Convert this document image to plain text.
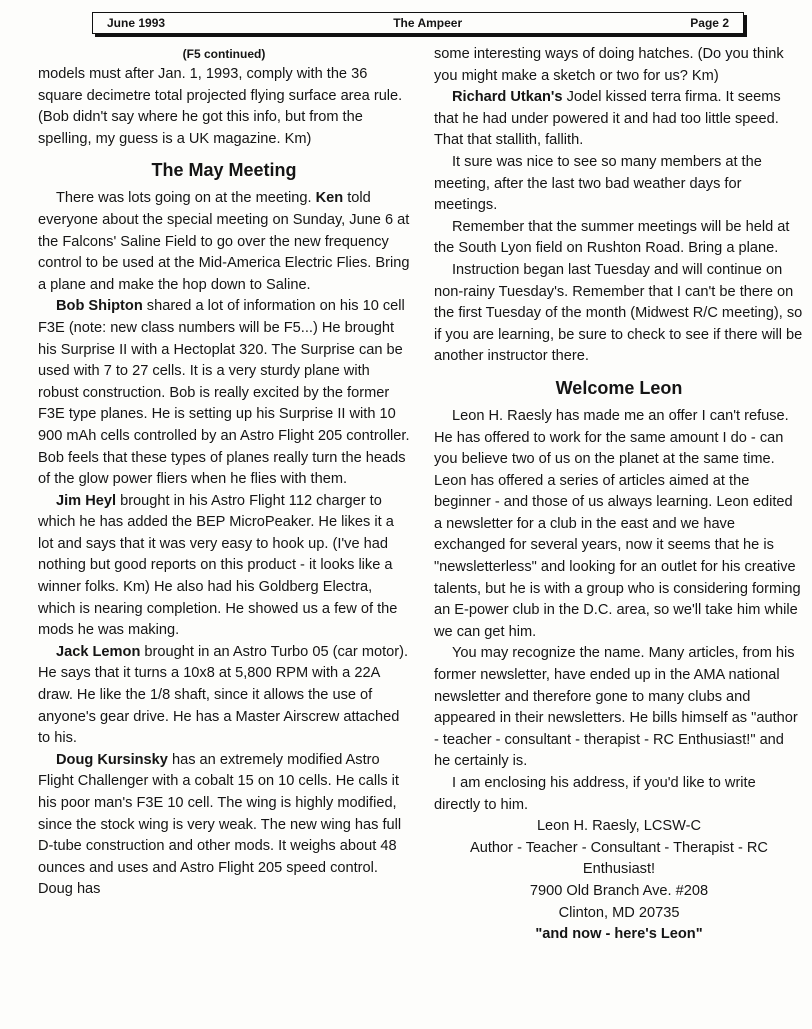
June 1993	The Ampeer	Page 2

(F5 continued)

models must after Jan. 1, 1993, comply with the 36 square decimetre total projected flying surface area rule.

(Bob didn't say where he got this info, but from the spelling, my guess is a UK magazine. Km)

The May Meeting

There was lots going on at the meeting. Ken told everyone about the special meeting on Sunday, June 6 at the Falcons' Saline Field to go over the new frequency control to be used at the Mid-America Electric Flies. Bring a plane and make the hop down to Saline.

Bob Shipton shared a lot of information on his 10 cell F3E (note: new class numbers will be F5...) He brought his Surprise II with a Hectoplat 320. The Surprise can be used with 7 to 27 cells. It is a very sturdy plane with robust construction. Bob is really excited by the former F3E type planes. He is setting up his Surprise II with 10 900 mAh cells controlled by an Astro Flight 205 controller. Bob feels that these types of planes really turn the heads of the glow power fliers when he flies with them.

Jim Heyl brought in his Astro Flight 112 charger to which he has added the BEP MicroPeaker. He likes it a lot and says that it was very easy to hook up. (I've had nothing but good reports on this product - it looks like a winner folks. Km) He also had his Goldberg Electra, which is nearing completion. He showed us a few of the mods he was making.

Jack Lemon brought in an Astro Turbo 05 (car motor). He says that it turns a 10x8 at 5,800 RPM with a 22A draw. He like the 1/8 shaft, since it allows the use of anyone's gear drive. He has a Master Airscrew attached to his.

Doug Kursinsky has an extremely modified Astro Flight Challenger with a cobalt 15 on 10 cells. He calls it his poor man's F3E 10 cell. The wing is highly modified, since the stock wing is very weak. The new wing has full D-tube construction and other mods. It weighs about 48 ounces and uses and Astro Flight 205 speed control. Doug has

some interesting ways of doing hatches. (Do you think you might make a sketch or two for us? Km)

Richard Utkan's Jodel kissed terra firma. It seems that he had under powered it and had too little speed. That that stallith, fallith.

It sure was nice to see so many members at the meeting, after the last two bad weather days for meetings.

Remember that the summer meetings will be held at the South Lyon field on Rushton Road. Bring a plane.

Instruction began last Tuesday and will continue on non-rainy Tuesday's. Remember that I can't be there on the first Tuesday of the month (Midwest R/C meeting), so if you are learning, be sure to check to see if there will be another instructor there.

Welcome Leon

Leon H. Raesly has made me an offer I can't refuse. He has offered to work for the same amount I do - can you believe two of us on the planet at the same time. Leon has offered a series of articles aimed at the beginner - and those of us always learning. Leon edited a newsletter for a club in the east and we have exchanged for several years, now it seems that he is "newsletterless" and looking for an outlet for his creative talents, but he is with a group who is considering forming an E-power club in the D.C. area, so we'll take him while we can get him.

You may recognize the name. Many articles, from his former newsletter, have ended up in the AMA national newsletter and therefore gone to many clubs and appeared in their newsletters. He bills himself as "author - teacher - consultant - therapist - RC Enthusiast!" and he certainly is.

I am enclosing his address, if you'd like to write directly to him.

Leon H. Raesly, LCSW-C

Author - Teacher - Consultant - Therapist - RC Enthusiast!

7900 Old Branch Ave. #208

Clinton, MD 20735

"and now - here's Leon"
